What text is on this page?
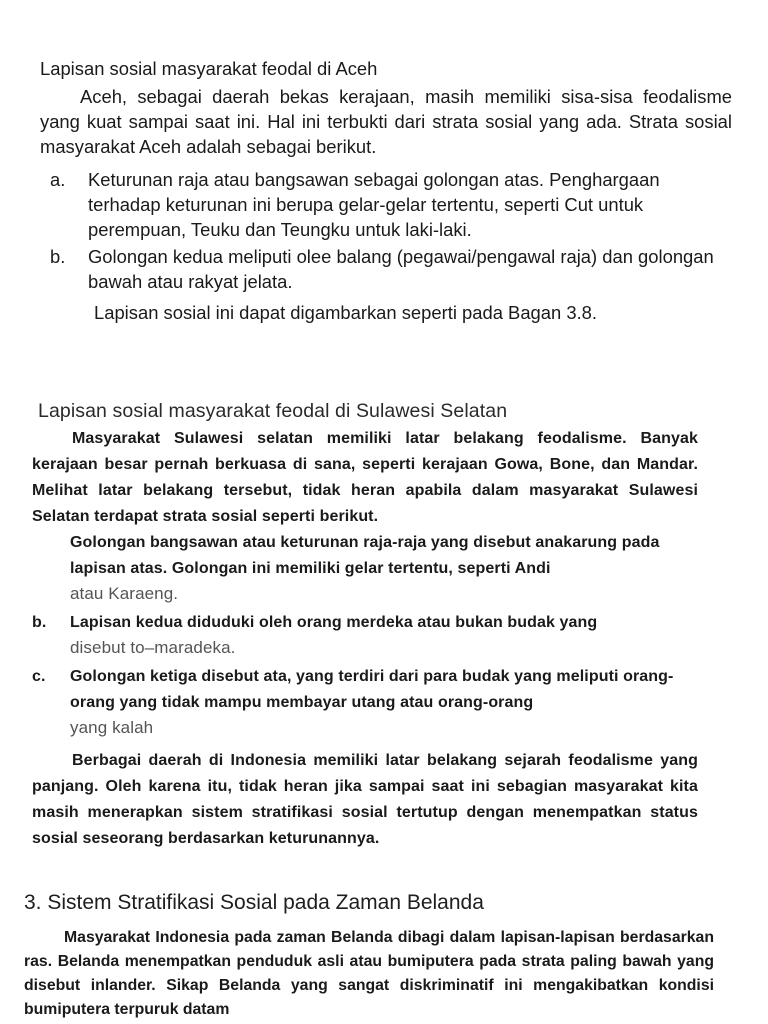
Lapisan sosial masyarakat feodal di Aceh

Aceh, sebagai daerah bekas kerajaan, masih memiliki sisa-sisa feodalisme yang kuat sampai saat ini. Hal ini terbukti dari strata sosial yang ada. Strata sosial masyarakat Aceh adalah sebagai berikut.

a.	Keturunan raja atau bangsawan sebagai golongan atas. Penghargaan terhadap keturunan ini berupa gelar-gelar tertentu, seperti Cut untuk perempuan, Teuku dan Teungku untuk laki-laki.
b.	Golongan kedua meliputi olee balang (pegawai/pengawal raja) dan golongan bawah atau rakyat jelata.

Lapisan sosial ini dapat digambarkan seperti pada Bagan 3.8.

Lapisan sosial masyarakat feodal di Sulawesi Selatan

Masyarakat Sulawesi selatan memiliki latar belakang feodalisme. Banyak kerajaan besar pernah berkuasa di sana, seperti kerajaan Gowa, Bone, dan Mandar. Melihat latar belakang tersebut, tidak heran apabila dalam masyarakat Sulawesi Selatan terdapat strata sosial seperti berikut.

Golongan bangsawan atau keturunan raja-raja yang disebut anakarung pada lapisan atas. Golongan ini memiliki gelar tertentu, seperti Andi
atau Karaeng.
b.	Lapisan kedua diduduki oleh orang merdeka atau bukan budak yang
disebut to–maradeka.
c.	Golongan ketiga disebut ata, yang terdiri dari para budak yang meliputi orang-orang yang tidak mampu membayar utang atau orang-orang
yang kalah

Berbagai daerah di Indonesia memiliki latar belakang sejarah feodalisme yang panjang. Oleh karena itu, tidak heran jika sampai saat ini sebagian masyarakat kita masih menerapkan sistem stratifikasi sosial tertutup dengan menempatkan status sosial seseorang berdasarkan keturunannya.

3. Sistem Stratifikasi Sosial pada Zaman Belanda

Masyarakat Indonesia pada zaman Belanda dibagi dalam lapisan-lapisan berdasarkan ras. Belanda menempatkan penduduk asli atau bumiputera pada strata paling bawah yang disebut inlander. Sikap Belanda yang sangat diskriminatif ini mengakibatkan kondisi bumiputera terpuruk datam
